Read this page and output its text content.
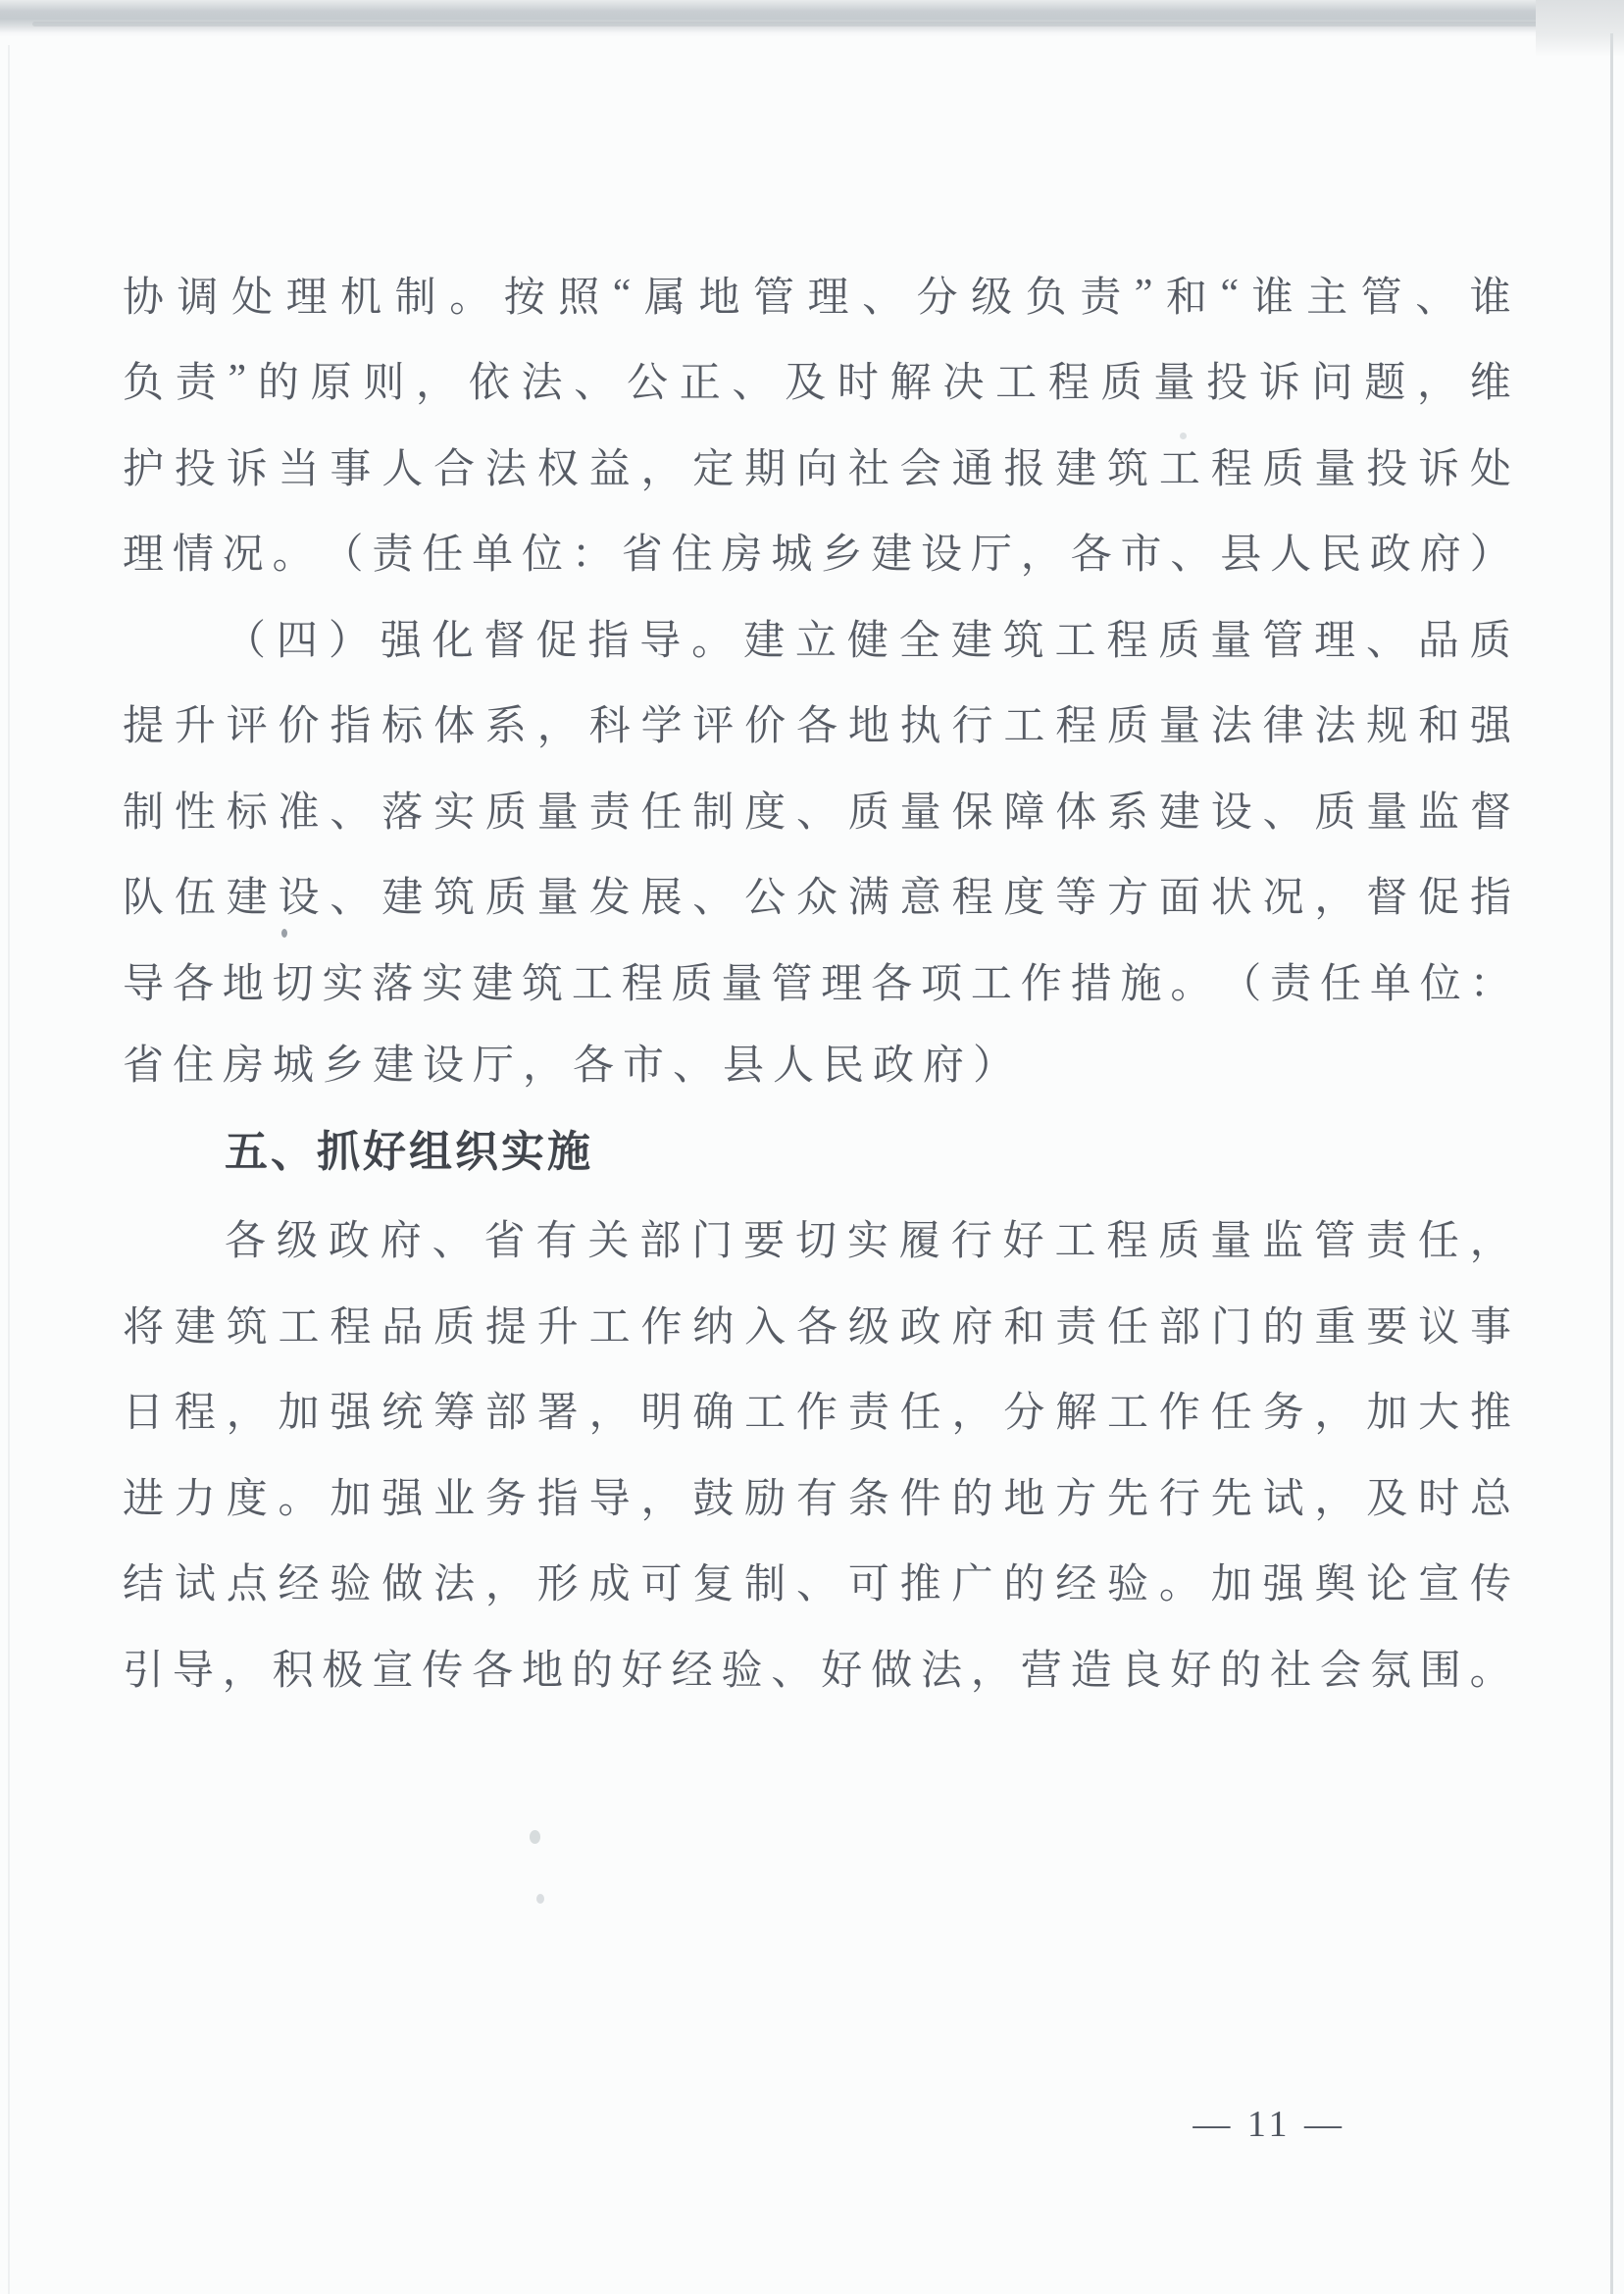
协 调 处 理 机 制 。 按 照 “ 属 地 管 理 、 分 级 负 责 ” 和 “ 谁 主 管 、 谁
负 责 ” 的 原 则 ， 依 法 、 公 正 、 及 时 解 决 工 程 质 量 投 诉 问 题 ， 维
护 投 诉 当 事 人 合 法 权 益 ， 定 期 向 社 会 通 报 建 筑 工 程 质 量 投 诉 处
理 情 况 。 （ 责 任 单 位 ： 省 住 房 城 乡 建 设 厅 ， 各 市 、 县 人 民 政 府 ）
（ 四 ） 强 化 督 促 指 导 。 建 立 健 全 建 筑 工 程 质 量 管 理 、 品 质
提 升 评 价 指 标 体 系 ， 科 学 评 价 各 地 执 行 工 程 质 量 法 律 法 规 和 强
制 性 标 准 、 落 实 质 量 责 任 制 度 、 质 量 保 障 体 系 建 设 、 质 量 监 督
队 伍 建 设 、 建 筑 质 量 发 展 、 公 众 满 意 程 度 等 方 面 状 况 ， 督 促 指
导 各 地 切 实 落 实 建 筑 工 程 质 量 管 理 各 项 工 作 措 施 。 （ 责 任 单 位 ：
省住房城乡建设厅，各市、县人民政府）
五、抓好组织实施
各 级 政 府 、 省 有 关 部 门 要 切 实 履 行 好 工 程 质 量 监 管 责 任 ，
将 建 筑 工 程 品 质 提 升 工 作 纳 入 各 级 政 府 和 责 任 部 门 的 重 要 议 事
日 程 ， 加 强 统 筹 部 署 ， 明 确 工 作 责 任 ， 分 解 工 作 任 务 ， 加 大 推
进 力 度 。 加 强 业 务 指 导 ， 鼓 励 有 条 件 的 地 方 先 行 先 试 ， 及 时 总
结 试 点 经 验 做 法 ， 形 成 可 复 制 、 可 推 广 的 经 验 。 加 强 舆 论 宣 传
引 导 ， 积 极 宣 传 各 地 的 好 经 验 、 好 做 法 ， 营 造 良 好 的 社 会 氛 围 。
— 11 —
